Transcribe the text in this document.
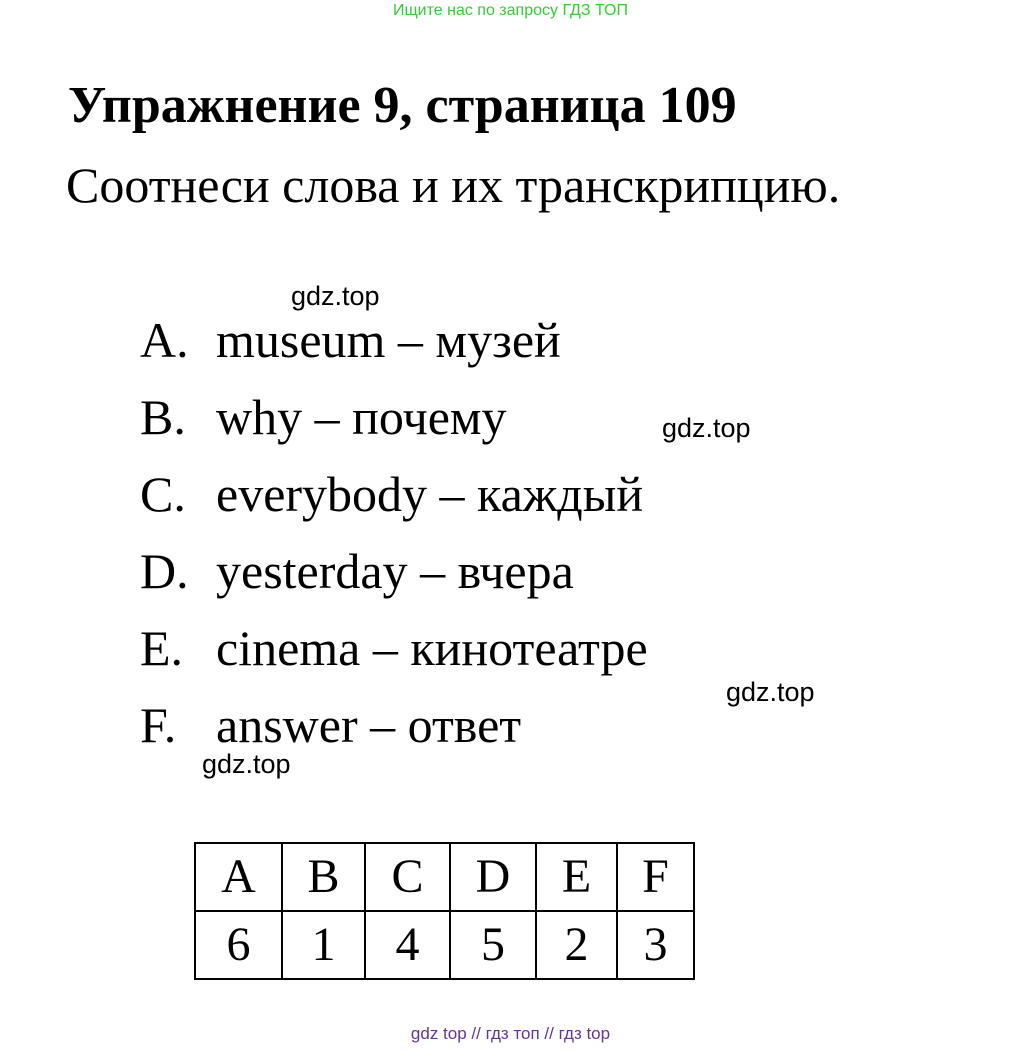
Ищите нас по запросу ГДЗ ТОП
Упражнение 9, страница 109
Соотнеси слова и их транскрипцию.
gdz.top
gdz.top
gdz.top
gdz.top
A. museum – музей
B. why – почему
C. everybody – каждый
D. yesterday – вчера
E. cinema – кинотеатре
F. answer – ответ
A	B	C	D	E	F
6	1	4	5	2	3
gdz top // гдз топ // гдз top
